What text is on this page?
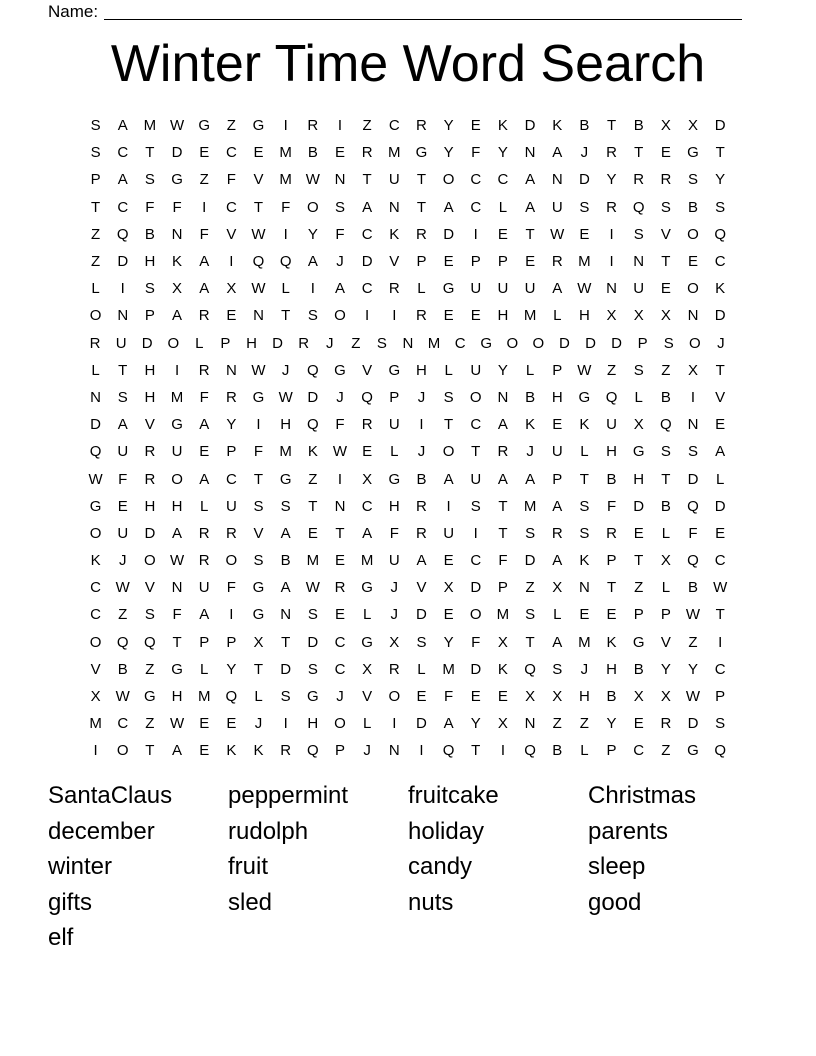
Name:
Winter Time Word Search
S	A	M W G	Z	G	I	R	I	Z	C	R	Y	E	K	D	K	B	T	B	X	X	D
S	C	T	D	E	C	E	M	B	E	R	M	G	Y	F	Y	N	A	J	R	T	E	G	T
P	A	S	G	Z	F	V	M W N	T	U	T	O	C	C	A	N	D	Y	R	R	S	Y
T	C	F	F	I	C	T	F	O	S	A	N	T	A	C	L	A	U	S	R	Q	S	B	S
Z	Q	B	N	F	V	W	I	Y	F	C	K	R	D	I	E	T	W	E	I	S	V	O	Q
Z	D	H	K	A	I	Q	Q	A	J	D	V	P	E	P	P	E	R	M	I	N	T	E	C
L	I	S	X	A	X	W	L	I	A	C	R	L	G	U	U	U	A	W N	U	E	O	K
O	N	P	A	R	E	N	T	S	O	I	I	R	E	E	H	M	L	H	X	X	X	N	D
R	U	D O	L	P	H	D	R	J	Z	S	N M C G O O D	D	D	P	S	O	J
L	T	H	I	R	N W	J	Q	G	V	G	H	L	U	Y	L	P	W	Z	S	Z	X	T
N	S	H	M	F	R	G W D	J	Q	P	J	S	O	N	B	H	G	Q	L	B	I	V
D	A	V	G	A	Y	I	H	Q	F	R	U	I	T	C	A	K	E	K	U	X	Q	N	E
Q	U	R	U	E	P	F	M	K	W	E	L	J	O	T	R	J	U	L	H	G	S	S	A
W	F	R	O	A	C	T	G	Z	I	X	G	B	A	U	A	A	P	T	B	H	T	D	L
G	E	H	H	L	U	S	S	T	N	C	H	R	I	S	T	M	A	S	F	D	B	Q	D
O	U	D	A	R	R	V	A	E	T	A	F	R	U	I	T	S	R	S	R	E	L	F	E
K	J	O W R	O	S	B	M	E	M	U	A	E	C	F	D	A	K	P	T	X	Q	C
C W	V	N	U	F	G	A	W R	G	J	V	X	D	P	Z	X	N	T	Z	L	B	W
C	Z	S	F	A	I	G	N	S	E	L	J	D	E	O	M	S	L	E	E	P	P	W	T
O	Q	Q	T	P	P	X	T	D	C	G	X	S	Y	F	X	T	A	M	K	G	V	Z	I
V	B	Z	G	L	Y	T	D	S	C	X	R	L	M	D	K	Q	S	J	H	B	Y	Y	C
X	W G	H	M	Q	L	S	G	J	V	O	E	F	E	E	X	X	H	B	X	X	W	P
M	C	Z	W	E	E	J	I	H	O	L	I	D	A	Y	X	N	Z	Z	Y	E	R	D	S
I	O	T	A	E	K	K	R	Q	P	J	N	I	Q	T	I	Q	B	L	P	C	Z	G	Q
SantaClaus	peppermint	fruitcake	Christmas
december	rudolph	holiday	parents
winter	fruit	candy	sleep
gifts	sled	nuts	good
elf
